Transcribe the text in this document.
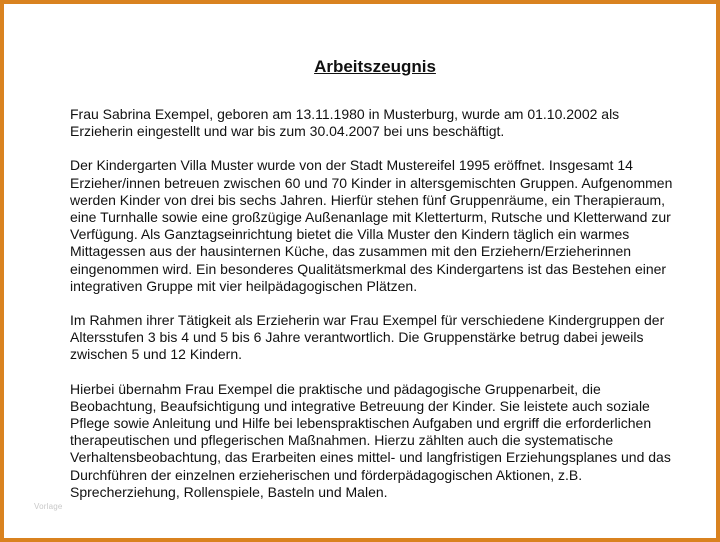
Arbeitszeugnis

Frau Sabrina Exempel, geboren am 13.11.1980 in Musterburg, wurde am 01.10.2002 als Erzieherin eingestellt und war bis zum 30.04.2007 bei uns beschäftigt.

Der Kindergarten Villa Muster wurde von der Stadt Mustereifel 1995 eröffnet. Insgesamt 14 Erzieher/innen betreuen zwischen 60 und 70 Kinder in altersgemischten Gruppen. Aufgenommen werden Kinder von drei bis sechs Jahren. Hierfür stehen fünf Gruppenräume, ein Therapieraum, eine Turnhalle sowie eine großzügige Außenanlage mit Kletterturm, Rutsche und Kletterwand zur Verfügung. Als Ganztagseinrichtung bietet die Villa Muster den Kindern täglich ein warmes Mittagessen aus der hausinternen Küche, das zusammen mit den Erziehern/Erzieherinnen eingenommen wird. Ein besonderes Qualitätsmerkmal des Kindergartens ist das Bestehen einer integrativen Gruppe mit vier heilpädagogischen Plätzen.

Im Rahmen ihrer Tätigkeit als Erzieherin war Frau Exempel für verschiedene Kindergruppen der Altersstufen 3 bis 4 und 5 bis 6 Jahre verantwortlich. Die Gruppenstärke betrug dabei jeweils zwischen 5 und 12 Kindern.

Hierbei übernahm Frau Exempel die praktische und pädagogische Gruppenarbeit, die Beobachtung, Beaufsichtigung und integrative Betreuung der Kinder. Sie leistete auch soziale Pflege sowie Anleitung und Hilfe bei lebenspraktischen Aufgaben und ergriff die erforderlichen therapeutischen und pflegerischen Maßnahmen. Hierzu zählten auch die systematische Verhaltensbeobachtung, das Erarbeiten eines mittel- und langfristigen Erziehungsplanes und das Durchführen der einzelnen erzieherischen und förderpädagogischen Aktionen, z.B. Sprecherziehung, Rollenspiele, Basteln und Malen.

Vorlage
